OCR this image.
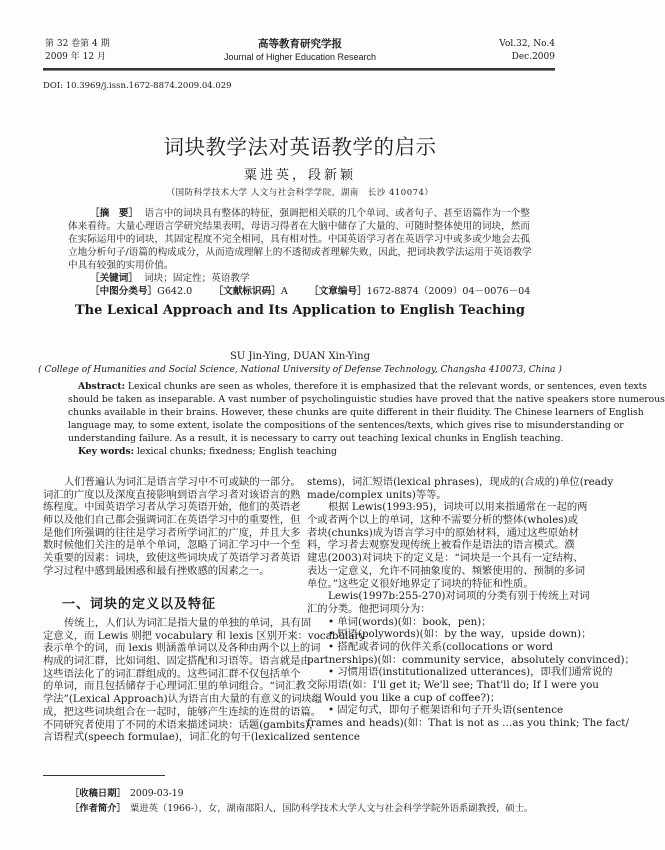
第 32 卷第 4 期
2009 年 12 月
高等教育研究学报
Journal of Higher Education Research
Vol.32, No.4
Dec.2009
DOI: 10.3969/j.issn.1672-8874.2009.04.029
词块教学法对英语教学的启示
粟进英，段新颖
（国防科学技术大学 人文与社会科学学院，湖南　长沙 410074）
［摘　要］ 语言中的词块具有整体的特征，强调把相关联的几个单词、或者句子、甚至语篇作为一个整
体来看待。大量心理语言学研究结果表明，母语习得者在大脑中储存了大量的、可随时整体使用的词块，然而
在实际运用中的词块，其固定程度不完全相同，具有相对性。中国英语学习者在英语学习中或多或少地会去孤
立地分析句子/语篇的构成成分，从而造成理解上的不透彻或者理解失败，因此，把词块教学法运用于英语教学
中具有较强的实用价值。
［关键词］ 词块；固定性；英语教学
［中图分类号］G642.0 ［文献标识码］A ［文章编号］1672-8874（2009）04－0076－04
The Lexical Approach and Its Application to English Teaching
SU Jin-Ying, DUAN Xin-Ying
( College of Humanities and Social Science, National University of Defense Technology, Changsha 410073, China )
Abstract: Lexical chunks are seen as wholes, therefore it is emphasized that the relevant words, or sentences, even texts
should be taken as inseparable. A vast number of psycholinguistic studies have proved that the native speakers store numerous
chunks available in their brains. However, these chunks are quite different in their fluidity. The Chinese learners of English
language may, to some extent, isolate the compositions of the sentences/texts, which gives rise to misunderstanding or
understanding failure. As a result, it is necessary to carry out teaching lexical chunks in English teaching.
Key words: lexical chunks; fixedness; English teaching
人们普遍认为词汇是语言学习中不可或缺的一部分。
词汇的广度以及深度直接影响到语言学习者对该语言的熟
练程度。中国英语学习者从学习英语开始，他们的英语老
师以及他们自己都会强调词汇在英语学习中的重要性，但
是他们所强调的往往是学习者所学词汇的广度，并且大多
数时候他们关注的是单个单词，忽略了词汇学习中一个至
关重要的因素：词块，致使这些词块成了英语学习者英语
学习过程中感到最困惑和最有挫败感的因素之一。
一、词块的定义以及特征
传统上，人们认为词汇是指大量的单独的单词，具有固
定意义，而 Lewis 则把 vocabulary 和 lexis 区别开来：vocabulary
表示单个的词，而 lexis 则涵盖单词以及各种由两个以上的词
构成的词汇群，比如词组、固定搭配和习语等。语言就是由
这些语法化了的词汇群组成的。这些词汇群不仅包括单个
的单词，而且包括储存于心理词汇里的单词组合。“词汇教
学法”(Lexical Approach)认为语言由大量的有意义的词块组
成，把这些词块组合在一起时，能够产生连续的连贯的语篇。
不同研究者使用了不同的术语来描述词块：话题(gambits)，
言语程式(speech formulae)，词汇化的句干(lexicalized sentence
stems)，词汇短语(lexical phrases)，现成的(合成的)单位(ready
made/complex units)等等。
根据 Lewis(1993:95)，词块可以用来指通常在一起的两
个或者两个以上的单词，这种不需要分析的整体(wholes)或
者块(chunks)成为语言学习中的原始材料，通过这些原始材
料，学习者去观察发现传统上被看作是语法的语言模式。濮
建忠(2003)对词块下的定义是：“词块是一个具有一定结构、
表达一定意义，允许不同抽象度的、频繁使用的、预制的多词
单位。”这些定义很好地界定了词块的特征和性质。
Lewis(1997b:255-270)对词项的分类有别于传统上对词
汇的分类。他把词项分为：
• 单词(words)(如：book，pen)；
• 短语(polywords)(如：by the way，upside down)；
• 搭配或者词的伙伴关系(collocations or word
partnerships)(如：community service，absolutely convinced)；
• 习惯用语(institutionalized utterances)，即我们通常说的
交际用语(如：I'll get it; We'll see; That'll do; If I were you
…; Would you like a cup of coffee?)；
• 固定句式，即句子框架语和句子开头语(sentence
frames and heads)(如：That is not as …as you think; The fact/
［收稿日期］ 2009-03-19
［作者简介］ 粟进英（1966-），女，湖南邵阳人，国防科学技术大学人文与社会科学学院外语系副教授，硕士。
